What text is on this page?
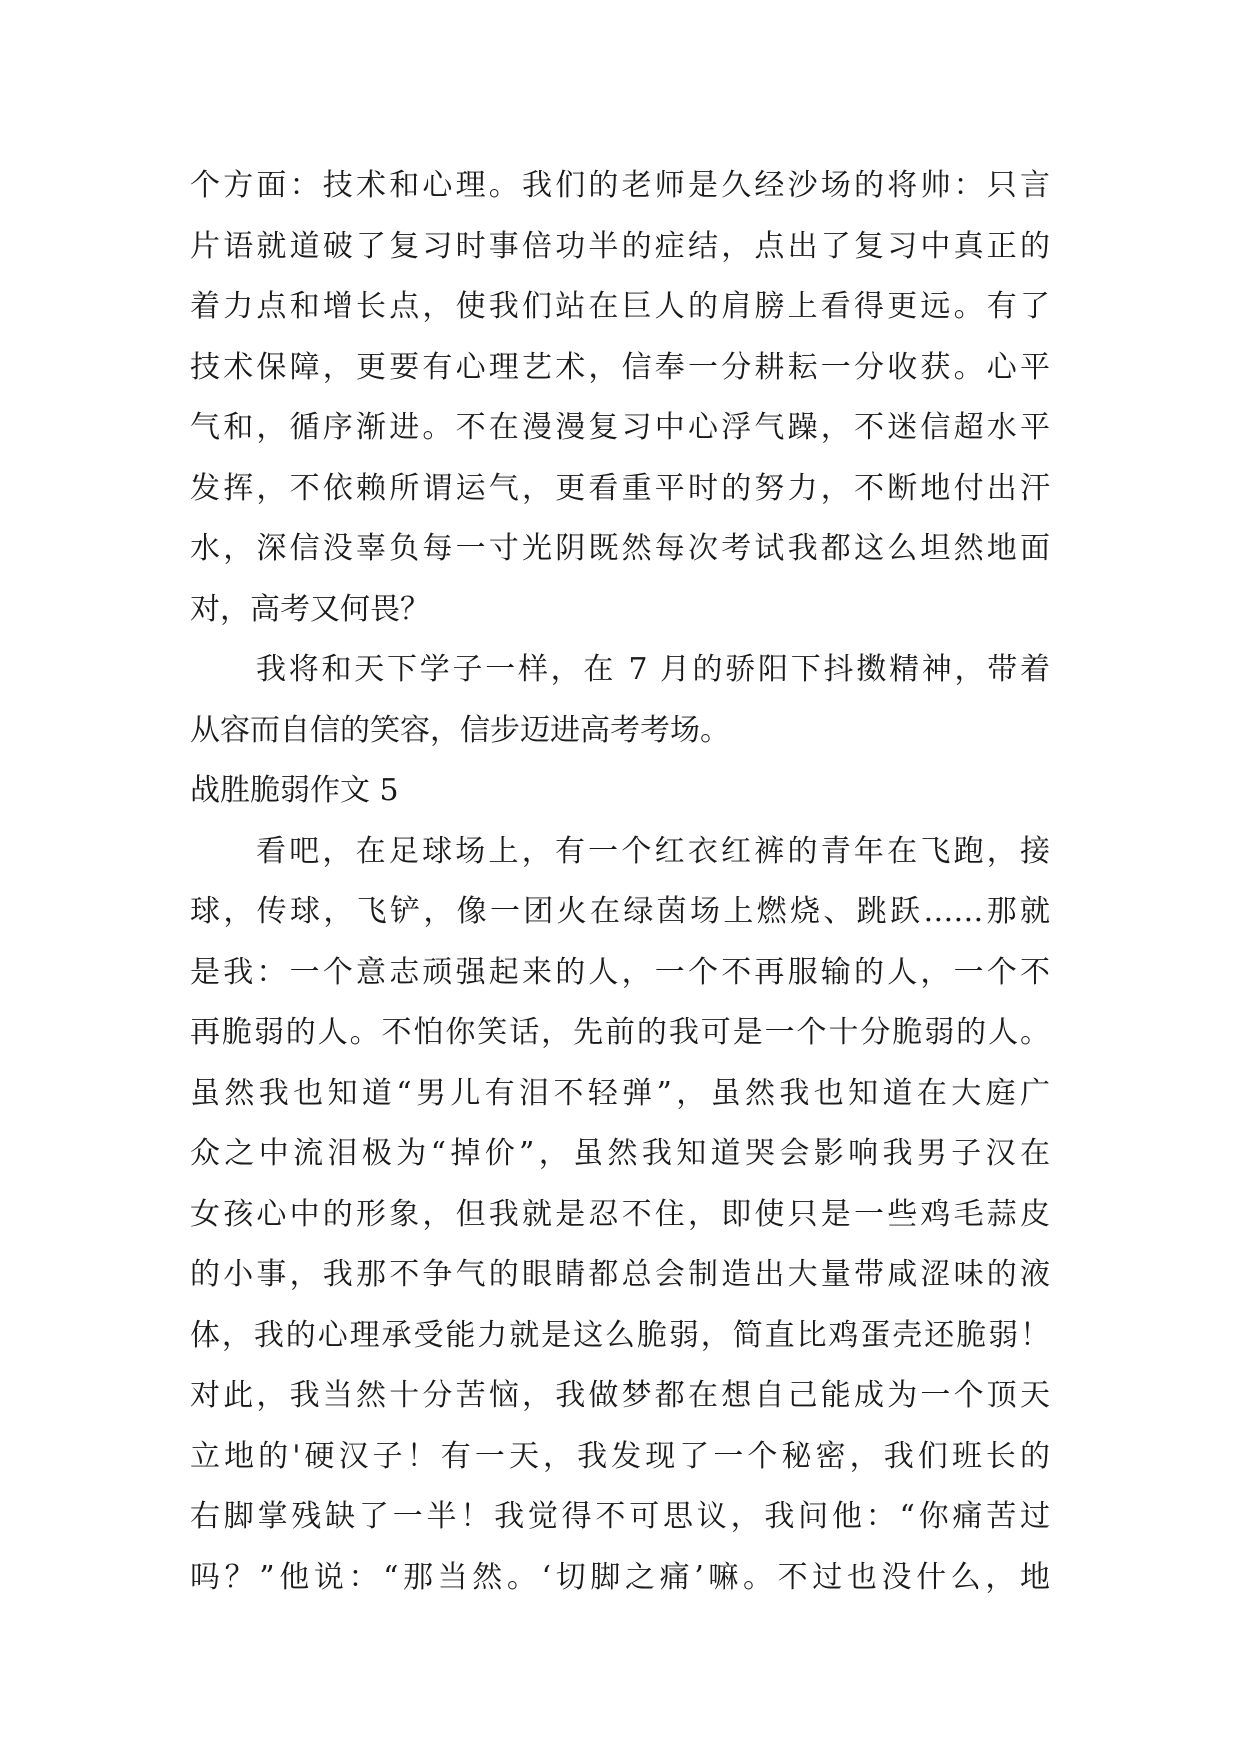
个方面：技术和心理。我们的老师是久经沙场的将帅：只言
片语就道破了复习时事倍功半的症结，点出了复习中真正的
着力点和增长点，使我们站在巨人的肩膀上看得更远。有了
技术保障，更要有心理艺术，信奉一分耕耘一分收获。心平
气和，循序渐进。不在漫漫复习中心浮气躁，不迷信超水平
发挥，不依赖所谓运气，更看重平时的努力，不断地付出汗
水，深信没辜负每一寸光阴既然每次考试我都这么坦然地面
对，高考又何畏？
我将和天下学子一样，在 7 月的骄阳下抖擞精神，带着
从容而自信的笑容，信步迈进高考考场。
战胜脆弱作文 5
看吧，在足球场上，有一个红衣红裤的青年在飞跑，接
球，传球，飞铲，像一团火在绿茵场上燃烧、跳跃……那就
是我：一个意志顽强起来的人，一个不再服输的人，一个不
再脆弱的人。不怕你笑话，先前的我可是一个十分脆弱的人。
虽然我也知道“男儿有泪不轻弹”，虽然我也知道在大庭广
众之中流泪极为“掉价”，虽然我知道哭会影响我男子汉在
女孩心中的形象，但我就是忍不住，即使只是一些鸡毛蒜皮
的小事，我那不争气的眼睛都总会制造出大量带咸涩味的液
体，我的心理承受能力就是这么脆弱，简直比鸡蛋壳还脆弱！
对此，我当然十分苦恼，我做梦都在想自己能成为一个顶天
立地的'硬汉子！有一天，我发现了一个秘密，我们班长的
右脚掌残缺了一半！我觉得不可思议，我问他：“你痛苦过
吗？”他说：“那当然。‘切脚之痛’嘛。不过也没什么，地
